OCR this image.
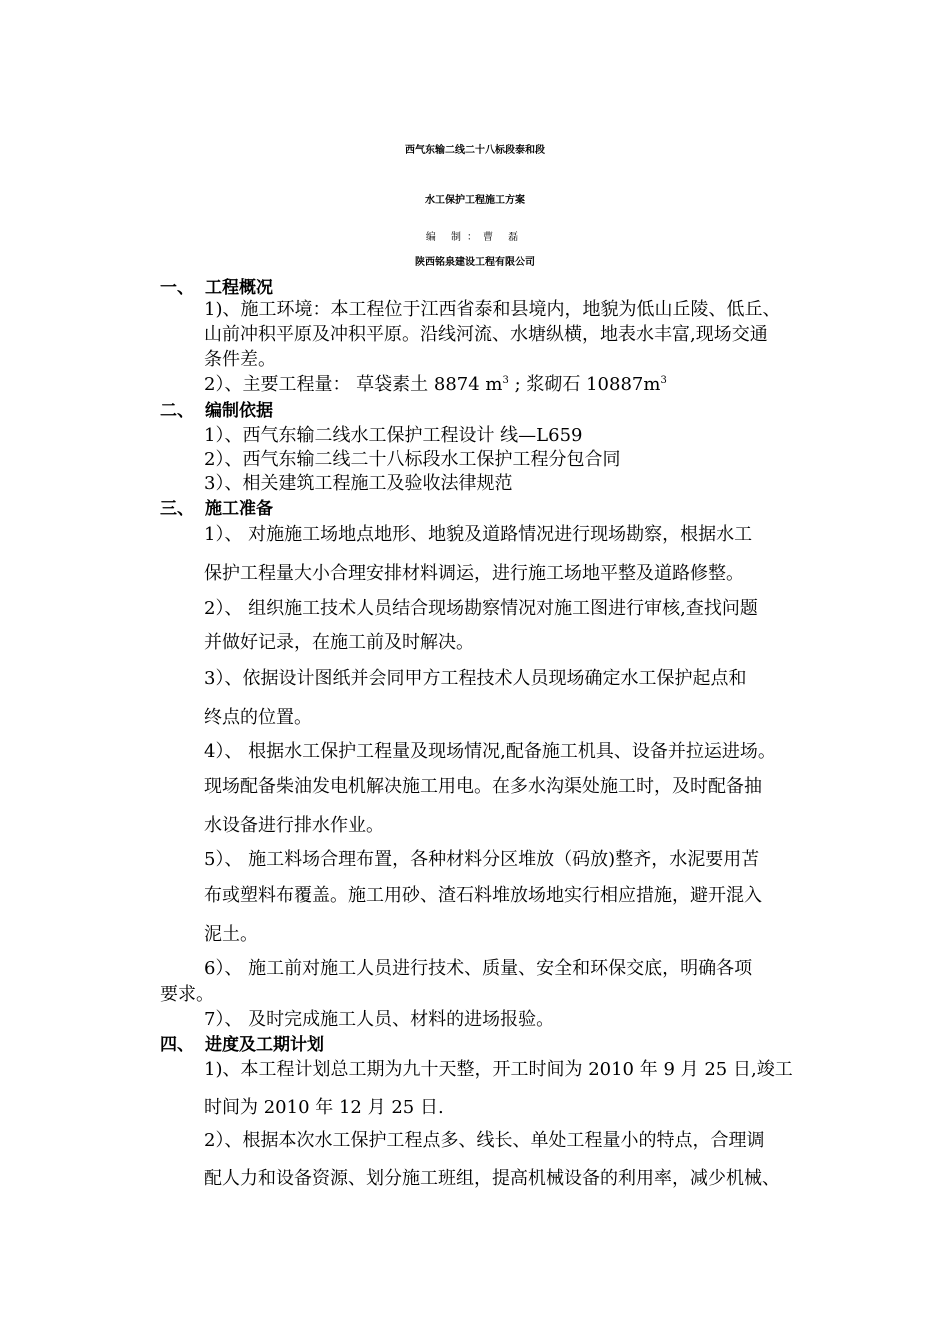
西气东输二线二十八标段泰和段
水工保护工程施工方案
编 制：曹 磊
陕西铭泉建设工程有限公司
一、 工程概况
1)、施工环境：本工程位于江西省泰和县境内，地貌为低山丘陵、低丘、
山前冲积平原及冲积平原。沿线河流、水塘纵横，地表水丰富,现场交通
条件差。
2）、主要工程量： 草袋素土 8874 $m^3$ ; 浆砌石 $10887m^3$
二、 编制依据
1）、西气东输二线水工保护工程设计 线—L659
2）、西气东输二线二十八标段水工保护工程分包合同
3）、相关建筑工程施工及验收法律规范
三、 施工准备
1）、 对施施工场地点地形、地貌及道路情况进行现场勘察，根据水工
保护工程量大小合理安排材料调运，进行施工场地平整及道路修整。
2）、 组织施工技术人员结合现场勘察情况对施工图进行审核,查找问题
并做好记录，在施工前及时解决。
3）、依据设计图纸并会同甲方工程技术人员现场确定水工保护起点和
终点的位置。
4）、 根据水工保护工程量及现场情况,配备施工机具、设备并拉运进场。
现场配备柴油发电机解决施工用电。在多水沟渠处施工时，及时配备抽
水设备进行排水作业。
5）、 施工料场合理布置，各种材料分区堆放（码放)整齐，水泥要用苫
布或塑料布覆盖。施工用砂、渣石料堆放场地实行相应措施，避开混入
泥土。
6）、 施工前对施工人员进行技术、质量、安全和环保交底，明确各项
要求。
7）、 及时完成施工人员、材料的进场报验。
四、 进度及工期计划
1)、本工程计划总工期为九十天整，开工时间为 2010 年 9 月 25 日,竣工
时间为 2010 年 12 月 25 日.
2）、根据本次水工保护工程点多、线长、单处工程量小的特点，合理调
配人力和设备资源、划分施工班组，提高机械设备的利用率，减少机械、
